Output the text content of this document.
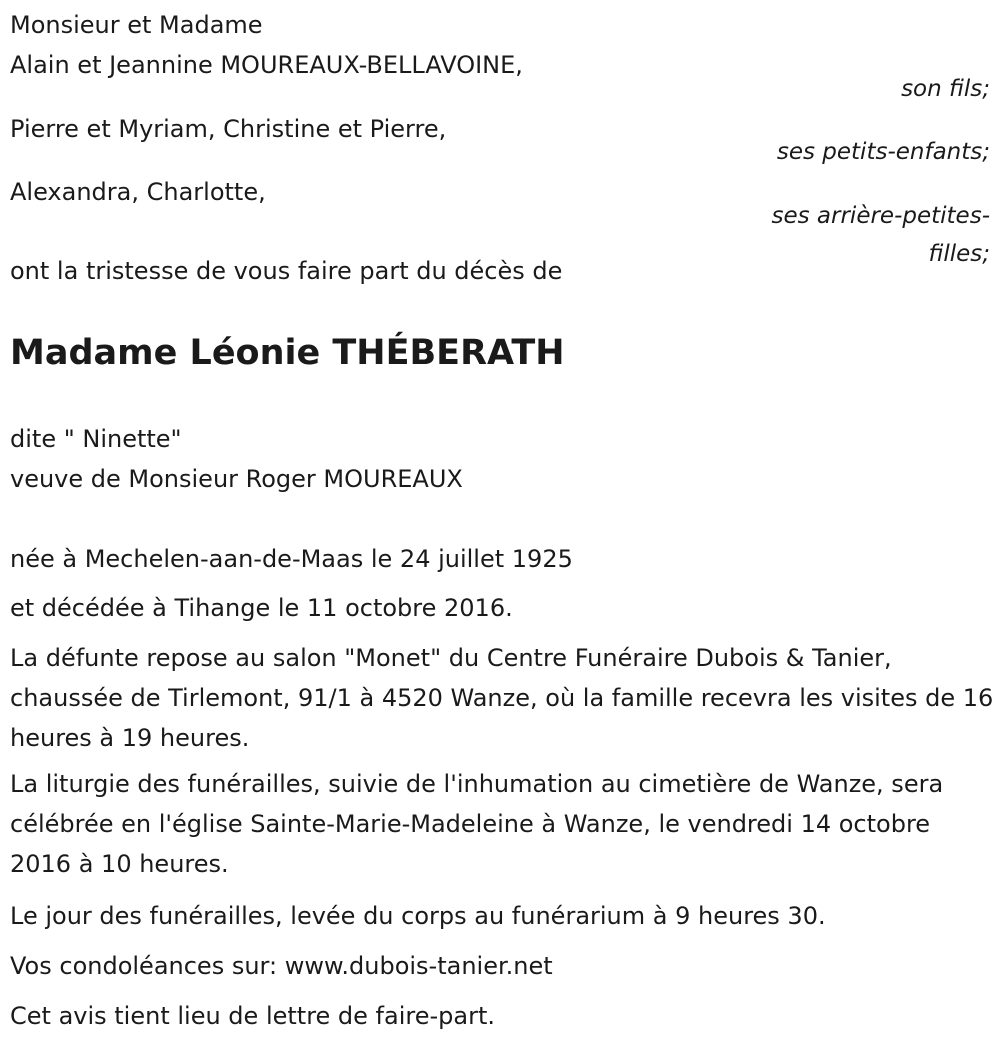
Monsieur et Madame

Alain et Jeannine MOUREAUX-BELLAVOINE,

son fils;

Pierre et Myriam, Christine et Pierre,

ses petits-enfants;

Alexandra, Charlotte,

ses arrière-petites-

filles;

ont la tristesse de vous faire part du décès de

Madame Léonie THÉBERATH

dite " Ninette"

veuve de Monsieur Roger MOUREAUX

née à Mechelen-aan-de-Maas le 24 juillet 1925

et décédée à Tihange le 11 octobre 2016.

La défunte repose au salon "Monet" du Centre Funéraire Dubois & Tanier, chaussée de Tirlemont, 91/1 à 4520 Wanze, où la famille recevra les visites de 16 heures à 19 heures.

La liturgie des funérailles, suivie de l'inhumation au cimetière de Wanze, sera célébrée en l'église Sainte-Marie-Madeleine à Wanze, le vendredi 14 octobre 2016 à 10 heures.

Le jour des funérailles, levée du corps au funérarium à 9 heures 30.

Vos condoléances sur: www.dubois-tanier.net

Cet avis tient lieu de lettre de faire-part.
